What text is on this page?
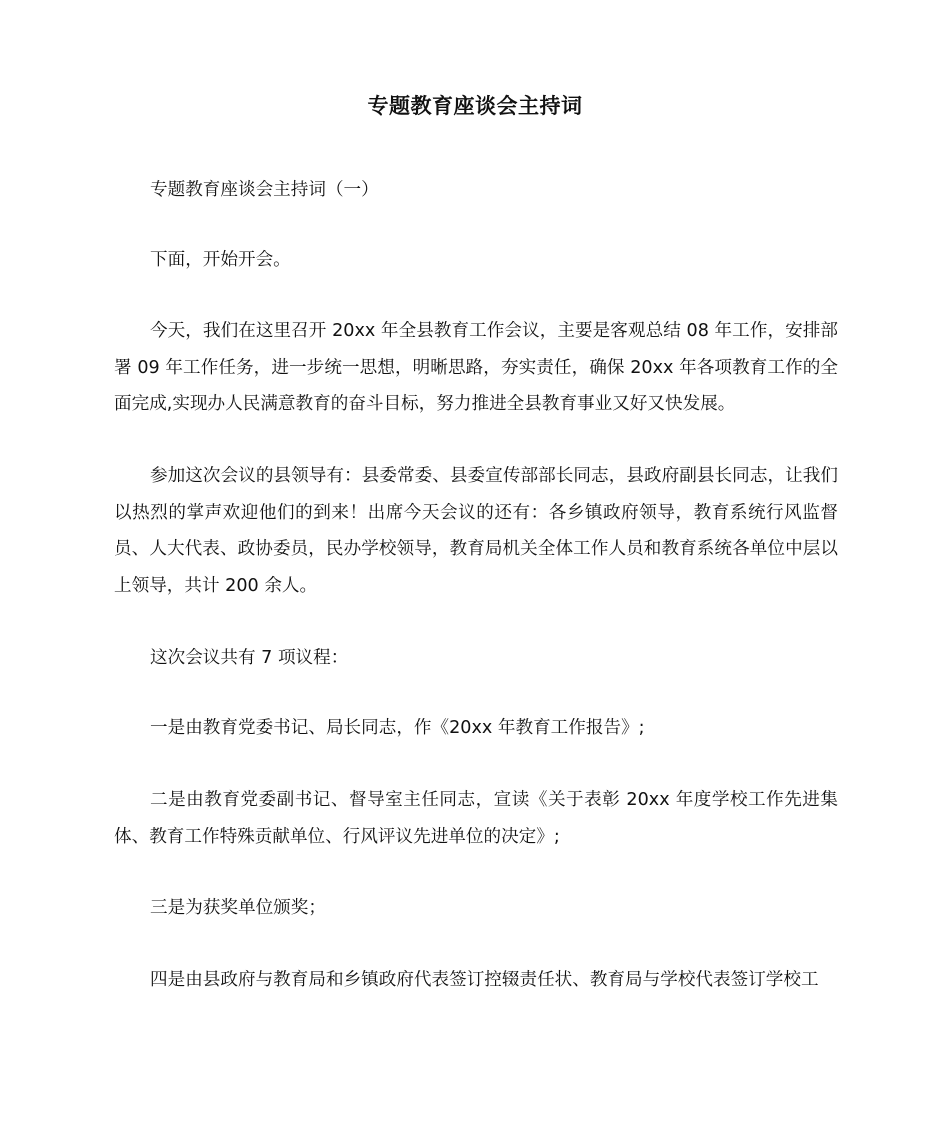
专题教育座谈会主持词

专题教育座谈会主持词（一）

下面，开始开会。

今天，我们在这里召开 20xx 年全县教育工作会议，主要是客观总结 08 年工作，安排部署 09 年工作任务，进一步统一思想，明晰思路，夯实责任，确保 20xx 年各项教育工作的全面完成,实现办人民满意教育的奋斗目标，努力推进全县教育事业又好又快发展。

参加这次会议的县领导有：县委常委、县委宣传部部长同志，县政府副县长同志，让我们以热烈的掌声欢迎他们的到来！出席今天会议的还有：各乡镇政府领导，教育系统行风监督员、人大代表、政协委员，民办学校领导，教育局机关全体工作人员和教育系统各单位中层以上领导，共计 200 余人。

这次会议共有 7 项议程：

一是由教育党委书记、局长同志，作《20xx 年教育工作报告》;

二是由教育党委副书记、督导室主任同志，宣读《关于表彰 20xx 年度学校工作先进集体、教育工作特殊贡献单位、行风评议先进单位的决定》;

三是为获奖单位颁奖；

四是由县政府与教育局和乡镇政府代表签订控辍责任状、教育局与学校代表签订学校工
